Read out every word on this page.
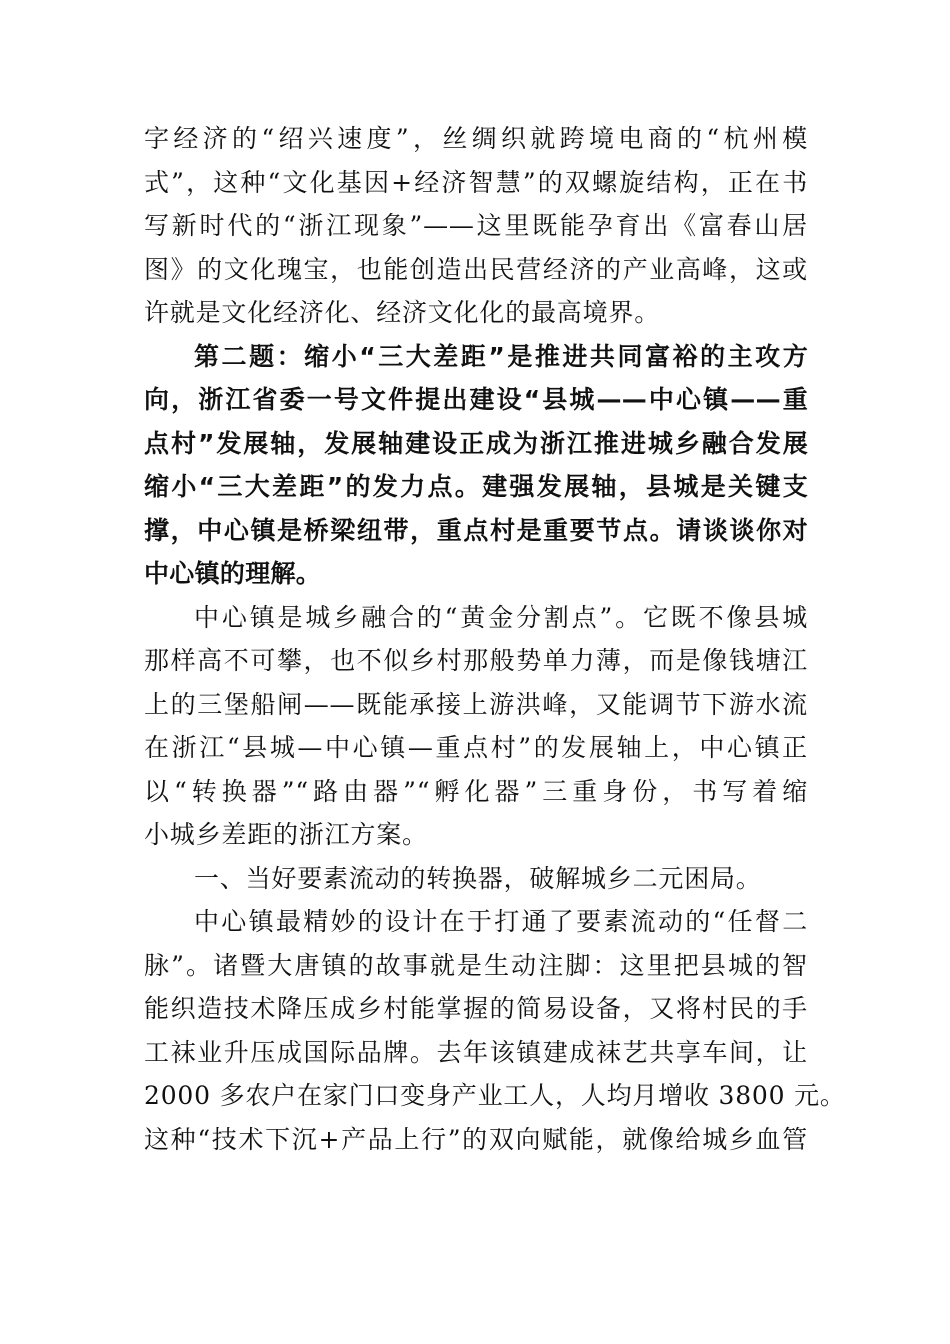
字经济的“绍兴速度”，丝绸织就跨境电商的“杭州模
式”，这种“文化基因+经济智慧”的双螺旋结构，正在书
写新时代的“浙江现象”——这里既能孕育出《富春山居
图》的文化瑰宝，也能创造出民营经济的产业高峰，这或
许就是文化经济化、经济文化化的最高境界。
第二题：缩小“三大差距”是推进共同富裕的主攻方
向，浙江省委一号文件提出建设“县城——中心镇——重
点村”发展轴，发展轴建设正成为浙江推进城乡融合发展
缩小“三大差距”的发力点。建强发展轴，县城是关键支
撑，中心镇是桥梁纽带，重点村是重要节点。请谈谈你对
中心镇的理解。
中心镇是城乡融合的“黄金分割点”。它既不像县城
那样高不可攀，也不似乡村那般势单力薄，而是像钱塘江
上的三堡船闸——既能承接上游洪峰，又能调节下游水流
在浙江“县城—中心镇—重点村”的发展轴上，中心镇正
以“转换器”“路由器”“孵化器”三重身份，书写着缩
小城乡差距的浙江方案。
一、当好要素流动的转换器，破解城乡二元困局。
中心镇最精妙的设计在于打通了要素流动的“任督二
脉”。诸暨大唐镇的故事就是生动注脚：这里把县城的智
能织造技术降压成乡村能掌握的简易设备，又将村民的手
工袜业升压成国际品牌。去年该镇建成袜艺共享车间，让
2000 多农户在家门口变身产业工人，人均月增收 3800 元。
这种“技术下沉+产品上行”的双向赋能，就像给城乡血管
